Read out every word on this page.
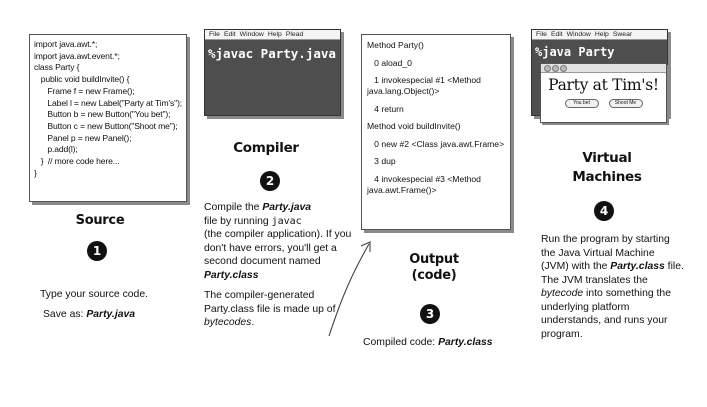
import java.awt.*;
import java.awt.event.*;
class Party {
public void buildInvite() {
Frame f = new Frame();
Label l = new Label("Party at Tim's");
Button b = new Button("You bet");
Button c = new Button("Shoot me");
Panel p = new Panel();
p.add(l);
}  // more code here...
}
Source
1
Type your source code.
Save as: Party.java
File Edit Window Help Plead
%javac Party.java
Compiler
2
Compile the Party.java
file by running javac
(the compiler application). If you don't have errors, you'll get a second document named Party.class
The compiler-generated Party.class file is made up of bytecodes.
Method Party()
0 aload_0
1 invokespecial #1 <Method java.lang.Object()>
4 return
Method void buildInvite()
0 new #2 <Class java.awt.Frame>
3 dup
4 invokespecial #3 <Method java.awt.Frame()>
Output
(code)
3
Compiled code: Party.class
File Edit Window Help Swear
%java Party
Party at Tim's!
You bet	Shoot Me
Virtual
Machines
4
Run the program by starting the Java Virtual Machine (JVM) with the Party.class file. The JVM translates the bytecode into something the underlying platform understands, and runs your program.
